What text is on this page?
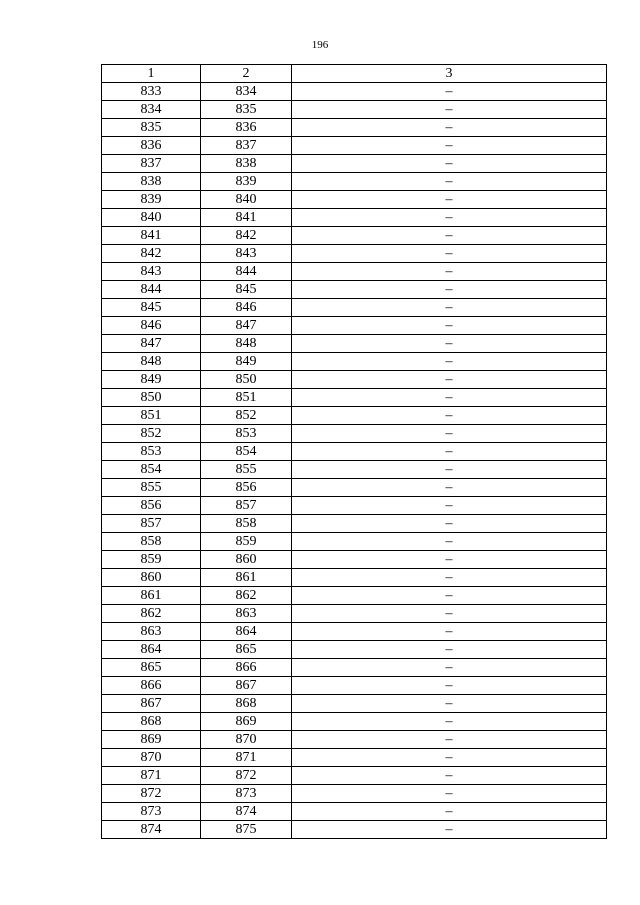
196
1	2	3
833	834	–
834	835	–
835	836	–
836	837	–
837	838	–
838	839	–
839	840	–
840	841	–
841	842	–
842	843	–
843	844	–
844	845	–
845	846	–
846	847	–
847	848	–
848	849	–
849	850	–
850	851	–
851	852	–
852	853	–
853	854	–
854	855	–
855	856	–
856	857	–
857	858	–
858	859	–
859	860	–
860	861	–
861	862	–
862	863	–
863	864	–
864	865	–
865	866	–
866	867	–
867	868	–
868	869	–
869	870	–
870	871	–
871	872	–
872	873	–
873	874	–
874	875	–
